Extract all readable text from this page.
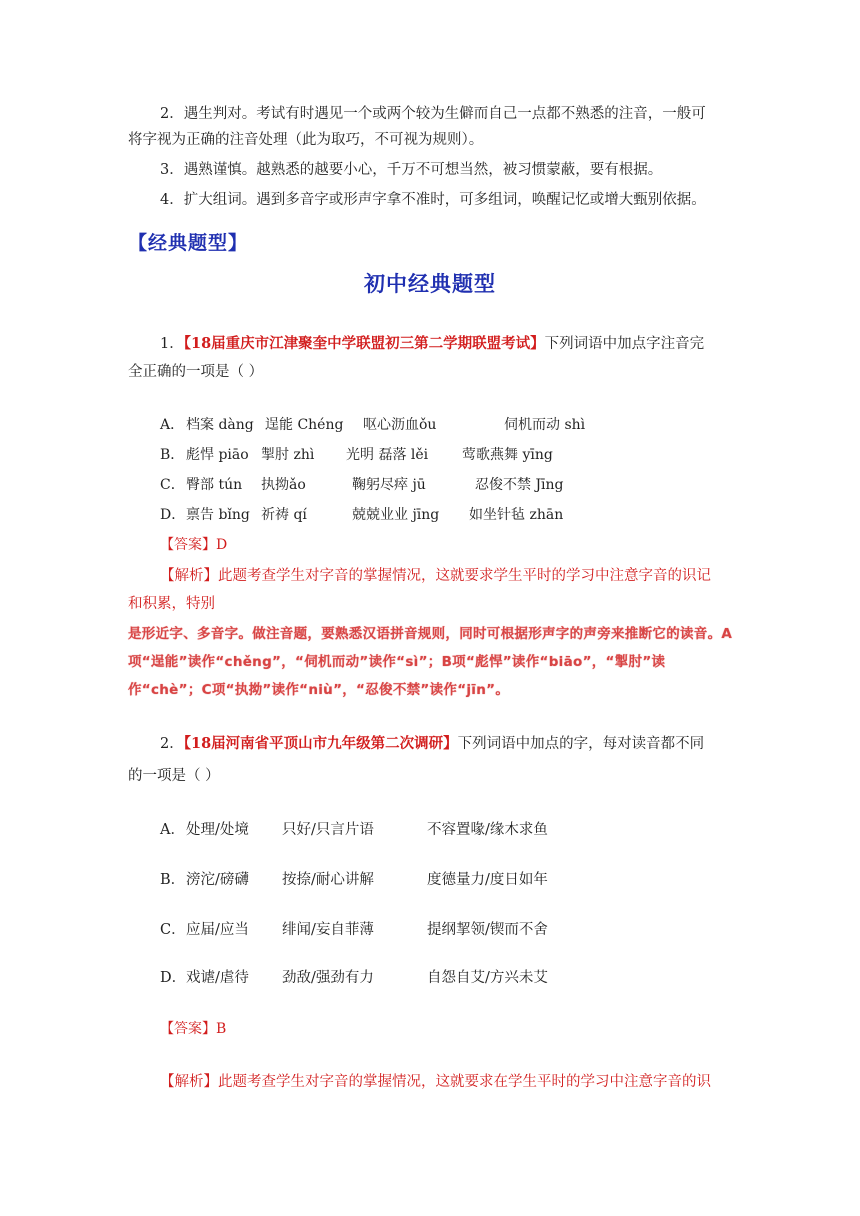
2．遇生判对。考试有时遇见一个或两个较为生僻而自己一点都不熟悉的注音，一般可
将字视为正确的注音处理（此为取巧，不可视为规则）。
3．遇熟谨慎。越熟悉的越要小心，千万不可想当然，被习惯蒙蔽，要有根据。
4．扩大组词。遇到多音字或形声字拿不准时，可多组词，唤醒记忆或增大甄别依据。
【经典题型】
初中经典题型
1．【18届重庆市江津聚奎中学联盟初三第二学期联盟考试】下列词语中加点字注音完
全正确的一项是（ ）
A． 档案 dàng 逞能 Chéng 呕心沥血ǒu	伺机而动 shì
B． 彪悍 piāo 掣肘 zhì 光明 磊落 lěi 莺歌燕舞 yīng
C． 臀部 tún 执拗ǎo	鞠躬尽瘁 jū	忍俊不禁 Jīng
D． 禀告 bǐng 祈祷 qí	兢兢业业 jīng 如坐针毡 zhān
【答案】D
【解析】此题考查学生对字音的掌握情况，这就要求学生平时的学习中注意字音的识记
和积累，特别
是形近字、多音字。做注音题，要熟悉汉语拼音规则，同时可根据形声字的声旁来推断它的读音。A项“逞能”读作“chěng”，“伺机而动”读作“sì”；B项“彪悍”读作“biāo”，“掣肘”读作“chè”；C项“执拗”读作“niù”，“忍俊不禁”读作“jīn”。
2．【18届河南省平顶山市九年级第二次调研】下列词语中加点的字，每对读音都不同
的一项是（ ）
A． 处理/处境 只好/只言片语	不容置喙/缘木求鱼
B． 滂沱/磅礴 按捺/耐心讲解	度德量力/度日如年
C． 应届/应当 绯闻/妄自菲薄	提纲挈领/锲而不舍
D． 戏谑/虐待 劲敌/强劲有力	自怨自艾/方兴未艾
【答案】B
【解析】此题考查学生对字音的掌握情况，这就要求在学生平时的学习中注意字音的识
